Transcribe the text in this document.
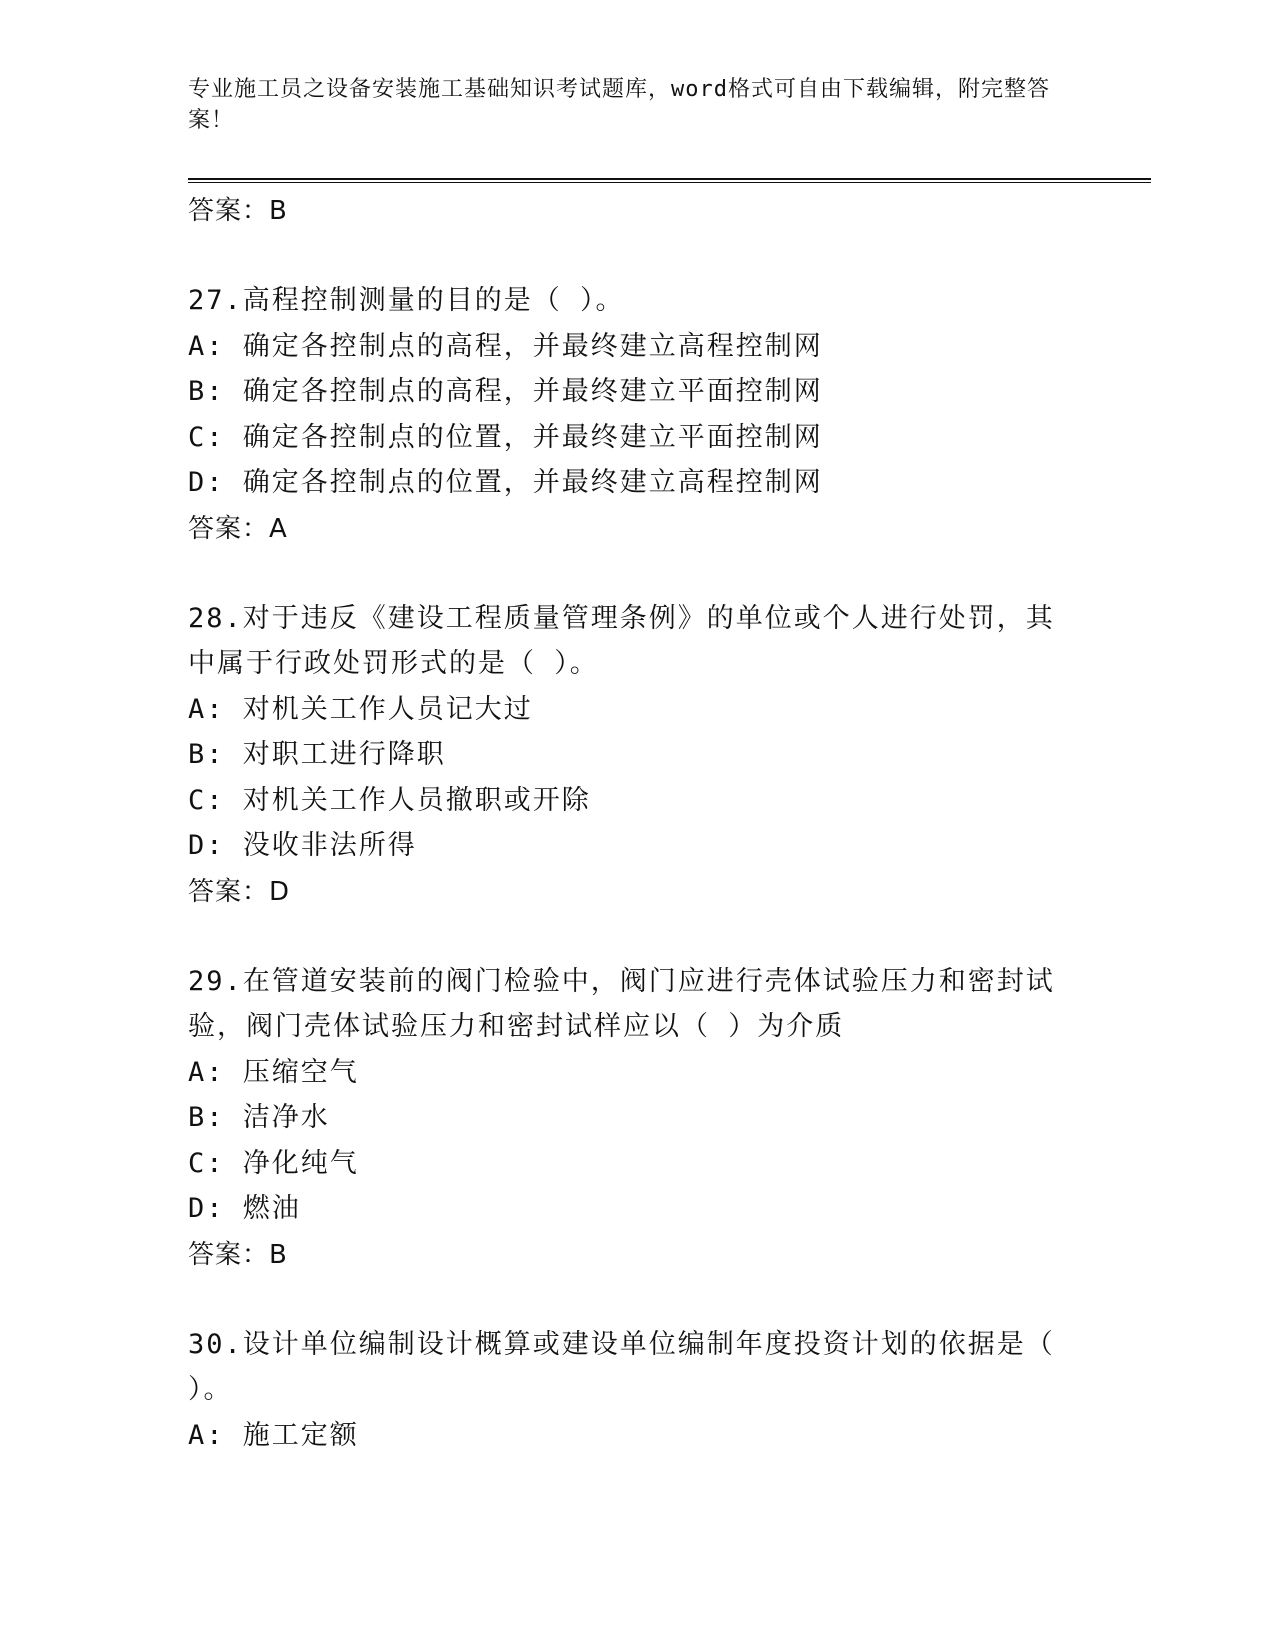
专业施工员之设备安装施工基础知识考试题库，word格式可自由下载编辑，附完整答案！
答案：B
27.高程控制测量的目的是（ ）。
A: 确定各控制点的高程，并最终建立高程控制网
B: 确定各控制点的高程，并最终建立平面控制网
C: 确定各控制点的位置，并最终建立平面控制网
D: 确定各控制点的位置，并最终建立高程控制网
答案：A
28.对于违反《建设工程质量管理条例》的单位或个人进行处罚，其中属于行政处罚形式的是（ ）。
A: 对机关工作人员记大过
B: 对职工进行降职
C: 对机关工作人员撤职或开除
D: 没收非法所得
答案：D
29.在管道安装前的阀门检验中，阀门应进行壳体试验压力和密封试验，阀门壳体试验压力和密封试样应以（ ）为介质
A: 压缩空气
B: 洁净水
C: 净化纯气
D: 燃油
答案：B
30.设计单位编制设计概算或建设单位编制年度投资计划的依据是（ ）。
A: 施工定额
